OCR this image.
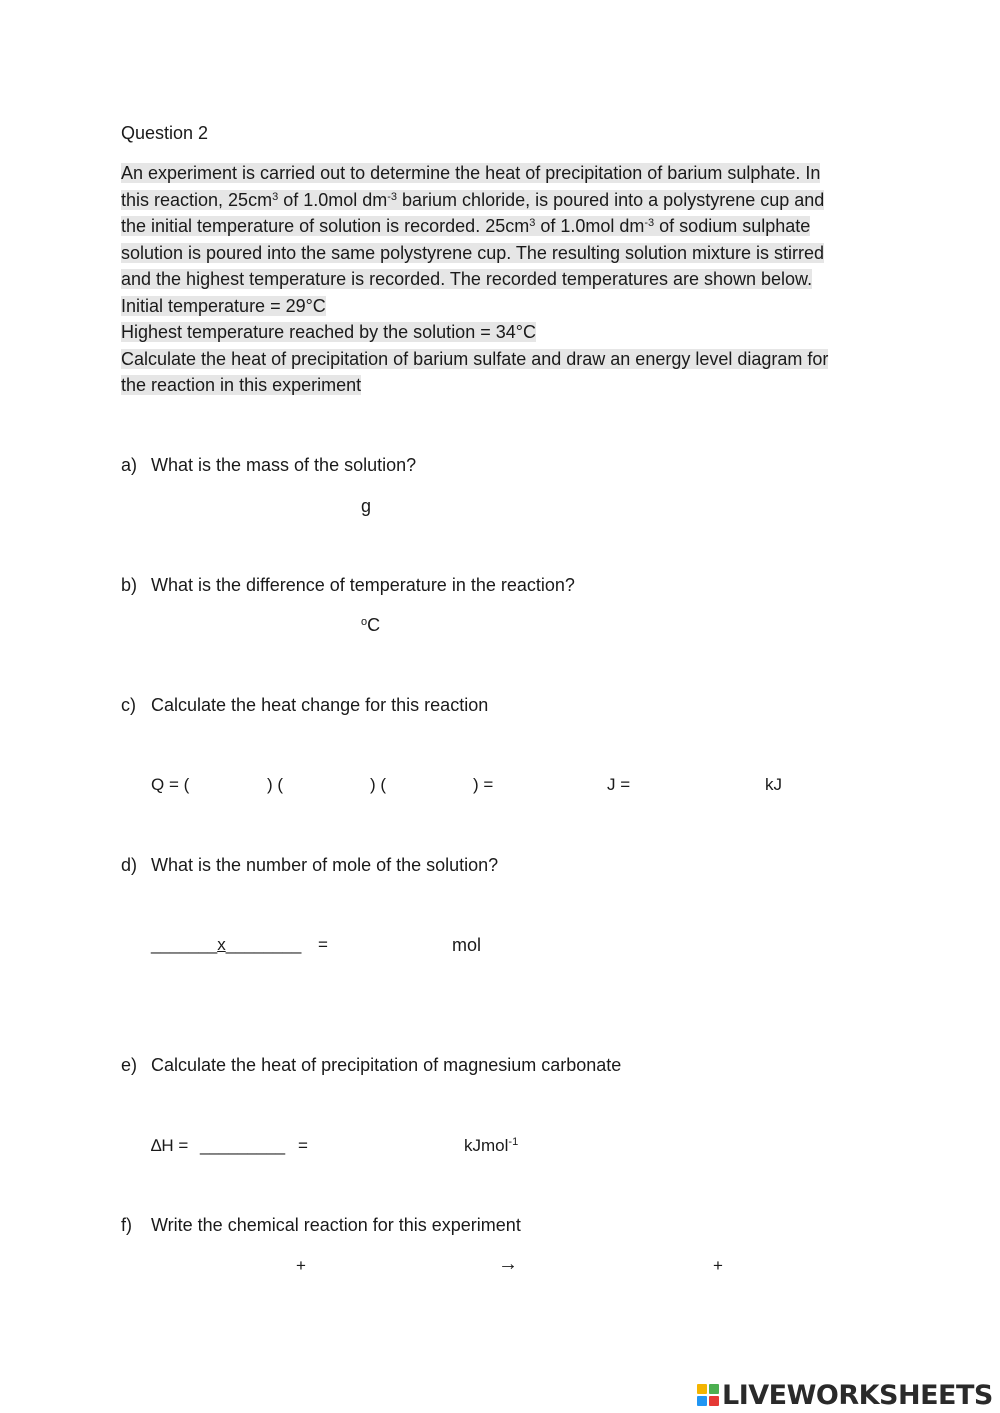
Question 2
An experiment is carried out to determine the heat of precipitation of barium sulphate. In
this reaction, $25cm^3$ of 1.0mol $dm^{-3}$ barium chloride, is poured into a polystyrene cup and
the initial temperature of solution is recorded. $25cm^3$ of 1.0mol $dm^{-3}$ of sodium sulphate
solution is poured into the same polystyrene cup. The resulting solution mixture is stirred
and the highest temperature is recorded. The recorded temperatures are shown below.
Initial temperature = 29°C
Highest temperature reached by the solution = 34°C
Calculate the heat of precipitation of barium sulfate and draw an energy level diagram for
the reaction in this experiment
a) What is the mass of the solution?
g
b) What is the difference of temperature in the reaction?
$^o$C
c) Calculate the heat change for this reaction
Q = (	) (	) (	) =	J =	kJ
d) What is the number of mole of the solution?
_______x________ =	mol
e) Calculate the heat of precipitation of magnesium carbonate
∆H = _________ =	kJmol$^{-1}$
f) Write the chemical reaction for this experiment
+	→	+
LIVEWORKSHEETS
